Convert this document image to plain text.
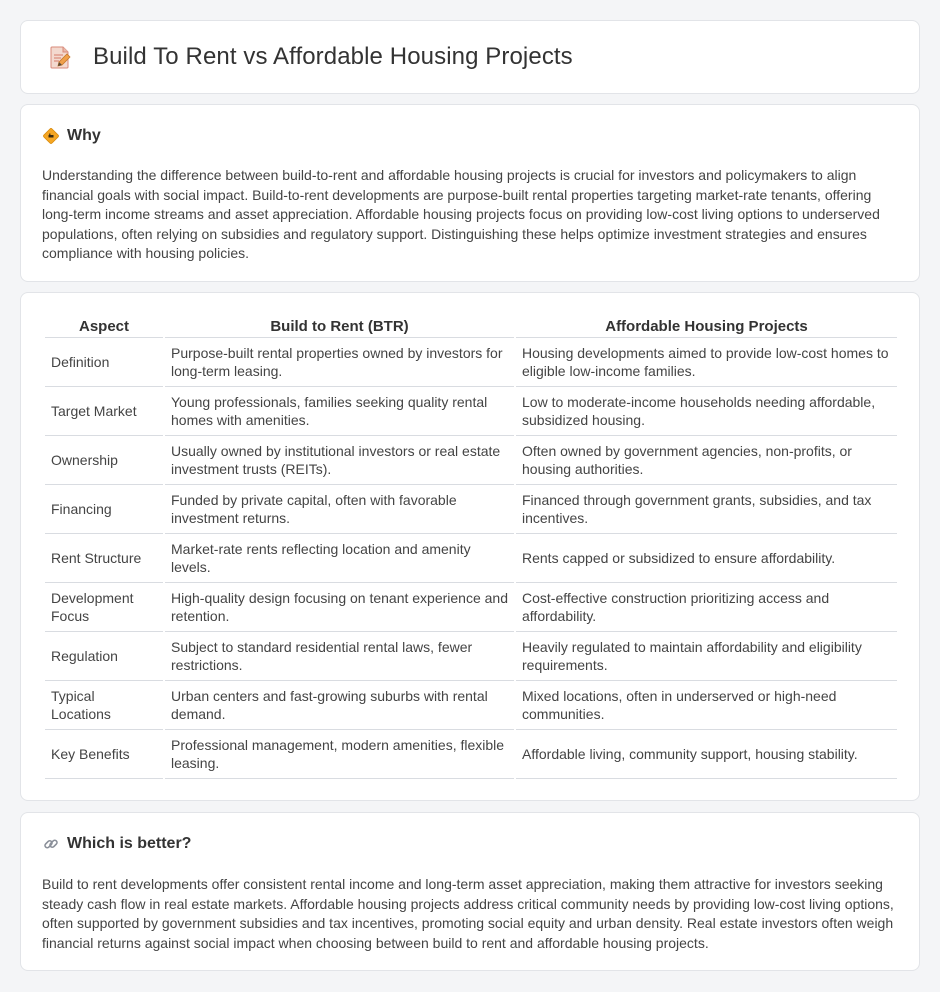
Build To Rent vs Affordable Housing Projects
Why

Understanding the difference between build-to-rent and affordable housing projects is crucial for investors and policymakers to align financial goals with social impact. Build-to-rent developments are purpose-built rental properties targeting market-rate tenants, offering long-term income streams and asset appreciation. Affordable housing projects focus on providing low-cost living options to underserved populations, often relying on subsidies and regulatory support. Distinguishing these helps optimize investment strategies and ensures compliance with housing policies.

Aspect	Build to Rent (BTR)	Affordable Housing Projects
Definition	Purpose-built rental properties owned by investors for long-term leasing.	Housing developments aimed to provide low-cost homes to eligible low-income families.
Target Market	Young professionals, families seeking quality rental homes with amenities.	Low to moderate-income households needing affordable, subsidized housing.
Ownership	Usually owned by institutional investors or real estate investment trusts (REITs).	Often owned by government agencies, non-profits, or housing authorities.
Financing	Funded by private capital, often with favorable investment returns.	Financed through government grants, subsidies, and tax incentives.
Rent Structure	Market-rate rents reflecting location and amenity levels.	Rents capped or subsidized to ensure affordability.
Development Focus	High-quality design focusing on tenant experience and retention.	Cost-effective construction prioritizing access and affordability.
Regulation	Subject to standard residential rental laws, fewer restrictions.	Heavily regulated to maintain affordability and eligibility requirements.
Typical Locations	Urban centers and fast-growing suburbs with rental demand.	Mixed locations, often in underserved or high-need communities.
Key Benefits	Professional management, modern amenities, flexible leasing.	Affordable living, community support, housing stability.
Which is better?

Build to rent developments offer consistent rental income and long-term asset appreciation, making them attractive for investors seeking steady cash flow in real estate markets. Affordable housing projects address critical community needs by providing low-cost living options, often supported by government subsidies and tax incentives, promoting social equity and urban density. Real estate investors often weigh financial returns against social impact when choosing between build to rent and affordable housing projects.
